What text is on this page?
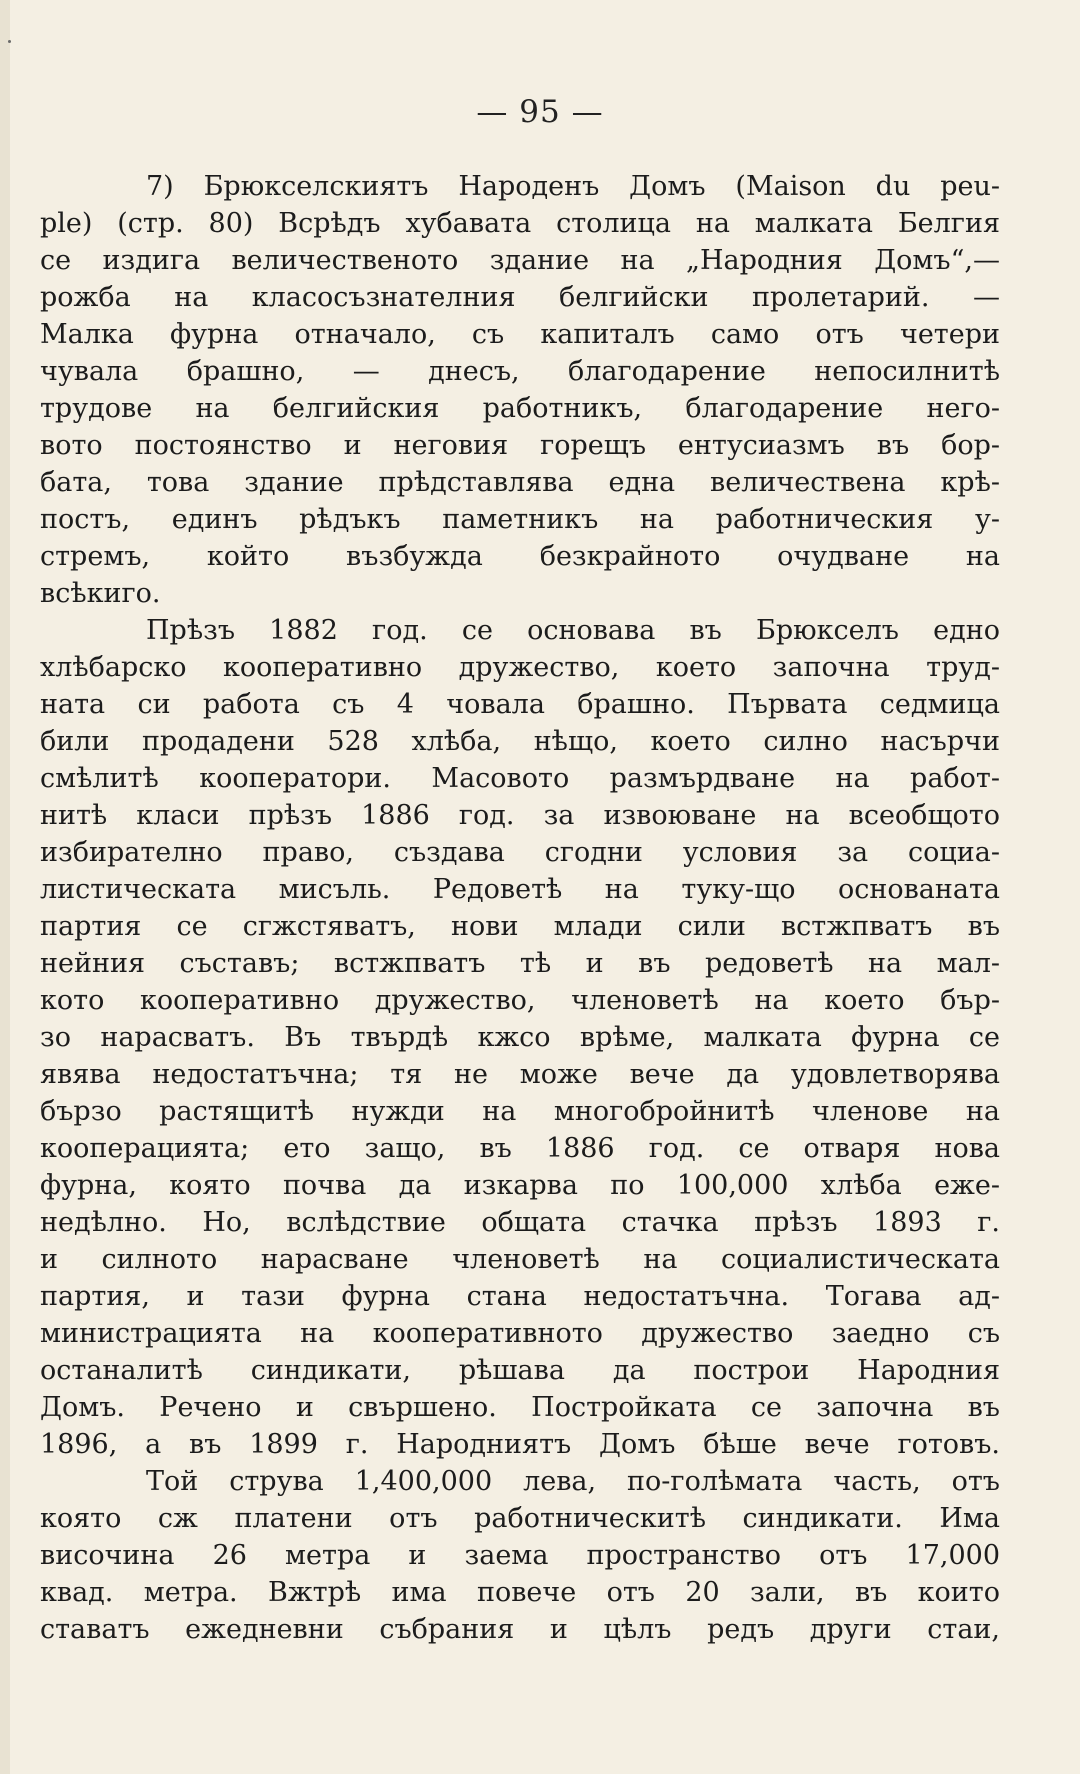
— 95 —
7) Брюкселскиятъ Народенъ Домъ (Maison du peu-
ple) (стр. 80) Всрѣдъ хубавата столица на малката Белгия
се издига величественото здание на „Народния Домъ“,—
рожба на класосъзнателния белгийски пролетарий. —
Малка фурна отначало, съ капиталъ само отъ четери
чувала брашно, — днесъ, благодарение непосилнитѣ
трудове на белгийския работникъ, благодарение него-
вото постоянство и неговия горещъ ентусиазмъ въ бор-
бата, това здание прѣдставлява една величествена крѣ-
постъ, единъ рѣдъкъ паметникъ на работническия у-
стремъ, който възбужда безкрайното очудване на
всѣкиго.
Прѣзъ 1882 год. се основава въ Брюкселъ едно
хлѣбарско кооперативно дружество, което започна труд-
ната си работа съ 4 човала брашно. Първата седмица
били продадени 528 хлѣба, нѣщо, което силно насърчи
смѣлитѣ кооператори. Масовото размърдване на работ-
нитѣ класи прѣзъ 1886 год. за извоюване на всеобщото
избирателно право, създава сгодни условия за социа-
листическата мисъль. Редоветѣ на туку-що основаната
партия се сгжстяватъ, нови млади сили встжпватъ въ
нейния съставъ; встжпватъ тѣ и въ редоветѣ на мал-
кото кооперативно дружество, членоветѣ на което бър-
зо нарасватъ. Въ твърдѣ кжсо врѣме, малката фурна се
явява недостатъчна; тя не може вече да удовлетворява
бързо растящитѣ нужди на многобройнитѣ членове на
кооперацията; ето защо, въ 1886 год. се отваря нова
фурна, която почва да изкарва по 100,000 хлѣба еже-
недѣлно. Но, вслѣдствие общата стачка прѣзъ 1893 г.
и силното нарасване членоветѣ на социалистическата
партия, и тази фурна стана недостатъчна. Тогава ад-
министрацията на кооперативното дружество заедно съ
останалитѣ синдикати, рѣшава да построи Народния
Домъ. Речено и свършено. Постройката се започна въ
1896, а въ 1899 г. Народниятъ Домъ бѣше вече готовъ.
Той струва 1,400,000 лева, по-голѣмата часть, отъ
която сж платени отъ работническитѣ синдикати. Има
височина 26 метра и заема пространство отъ 17,000
квад. метра. Вжтрѣ има повече отъ 20 зали, въ които
ставатъ ежедневни събрания и цѣлъ редъ други стаи,
